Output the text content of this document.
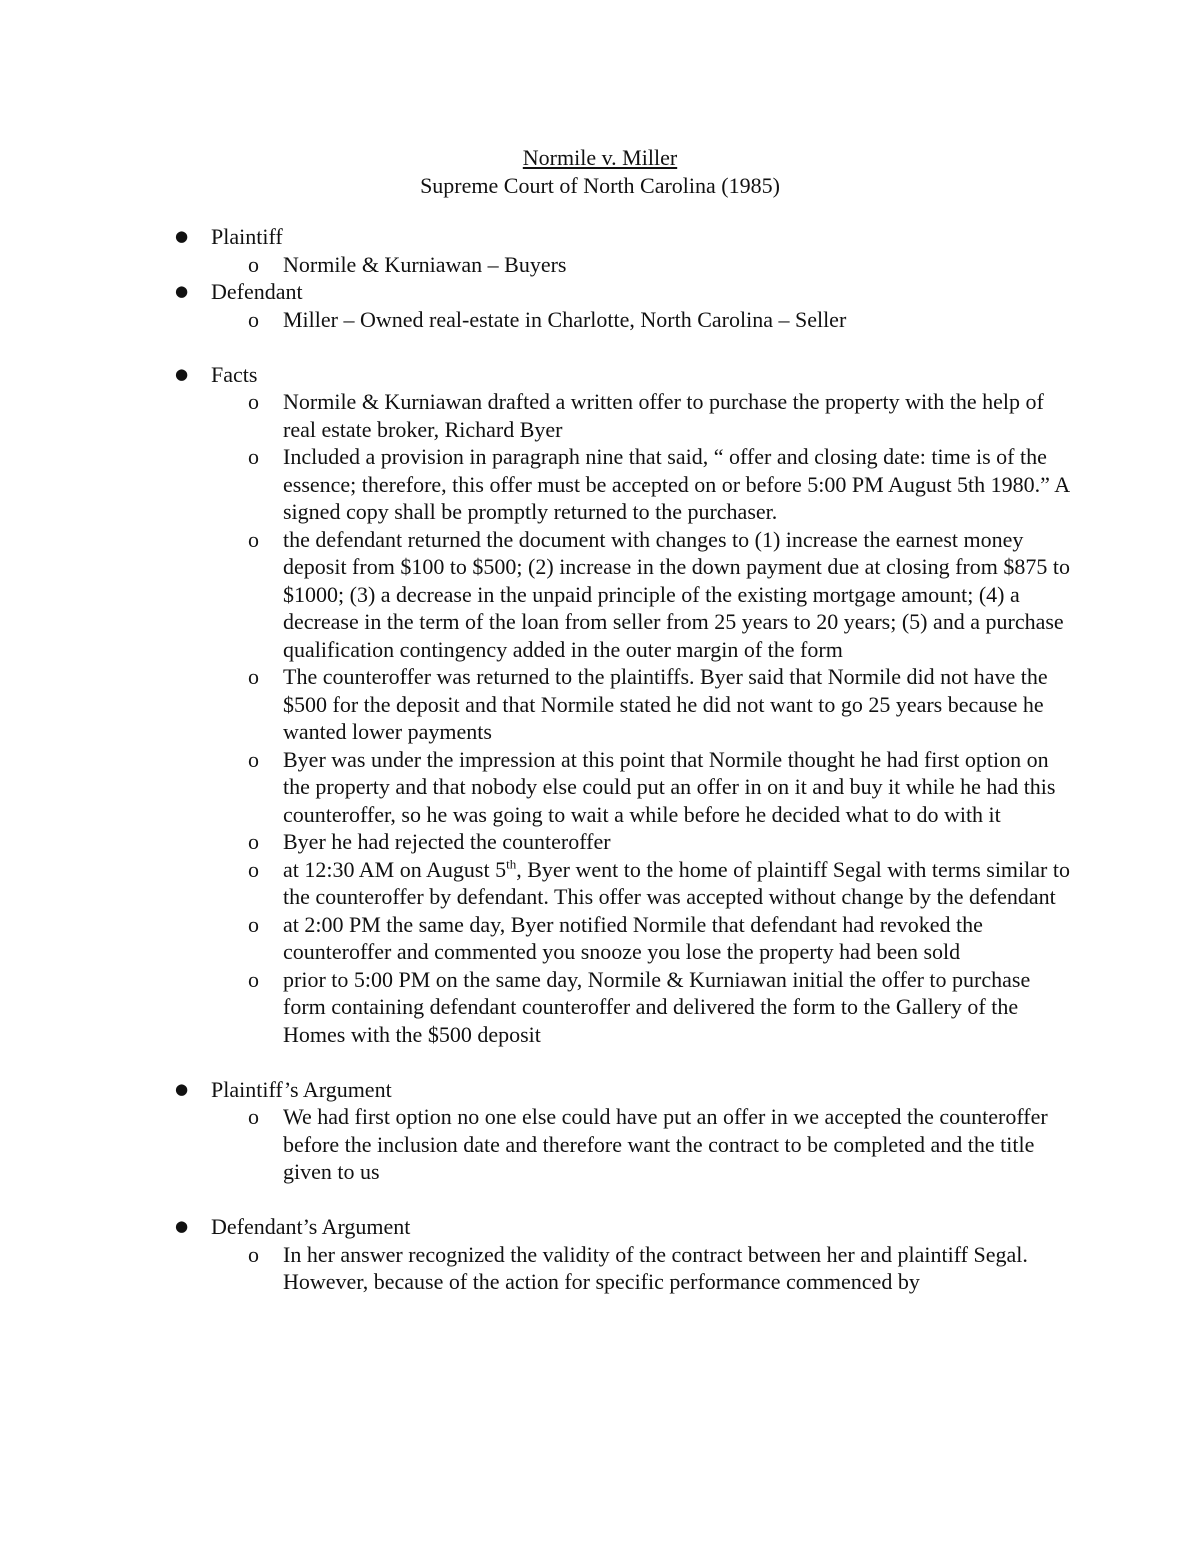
Normile v. Miller
Supreme Court of North Carolina (1985)
● Plaintiff
o Normile & Kurniawan – Buyers
● Defendant
o Miller – Owned real-estate in Charlotte, North Carolina – Seller
● Facts
o Normile & Kurniawan drafted a written offer to purchase the property with the help of real estate broker, Richard Byer
o Included a provision in paragraph nine that said, “ offer and closing date: time is of the essence; therefore, this offer must be accepted on or before 5:00 PM August 5th 1980.” A signed copy shall be promptly returned to the purchaser.
o the defendant returned the document with changes to (1) increase the earnest money deposit from $100 to $500; (2) increase in the down payment due at closing from $875 to $1000; (3) a decrease in the unpaid principle of the existing mortgage amount; (4) a decrease in the term of the loan from seller from 25 years to 20 years; (5) and a purchase qualification contingency added in the outer margin of the form
o The counteroffer was returned to the plaintiffs. Byer said that Normile did not have the $500 for the deposit and that Normile stated he did not want to go 25 years because he wanted lower payments
o Byer was under the impression at this point that Normile thought he had first option on the property and that nobody else could put an offer in on it and buy it while he had this counteroffer, so he was going to wait a while before he decided what to do with it
o Byer he had rejected the counteroffer
o at 12:30 AM on August 5th, Byer went to the home of plaintiff Segal with terms similar to the counteroffer by defendant. This offer was accepted without change by the defendant
o at 2:00 PM the same day, Byer notified Normile that defendant had revoked the counteroffer and commented you snooze you lose the property had been sold
o prior to 5:00 PM on the same day, Normile & Kurniawan initial the offer to purchase form containing defendant counteroffer and delivered the form to the Gallery of the Homes with the $500 deposit
● Plaintiff’s Argument
o We had first option no one else could have put an offer in we accepted the counteroffer before the inclusion date and therefore want the contract to be completed and the title given to us
● Defendant’s Argument
o In her answer recognized the validity of the contract between her and plaintiff Segal. However, because of the action for specific performance commenced by
